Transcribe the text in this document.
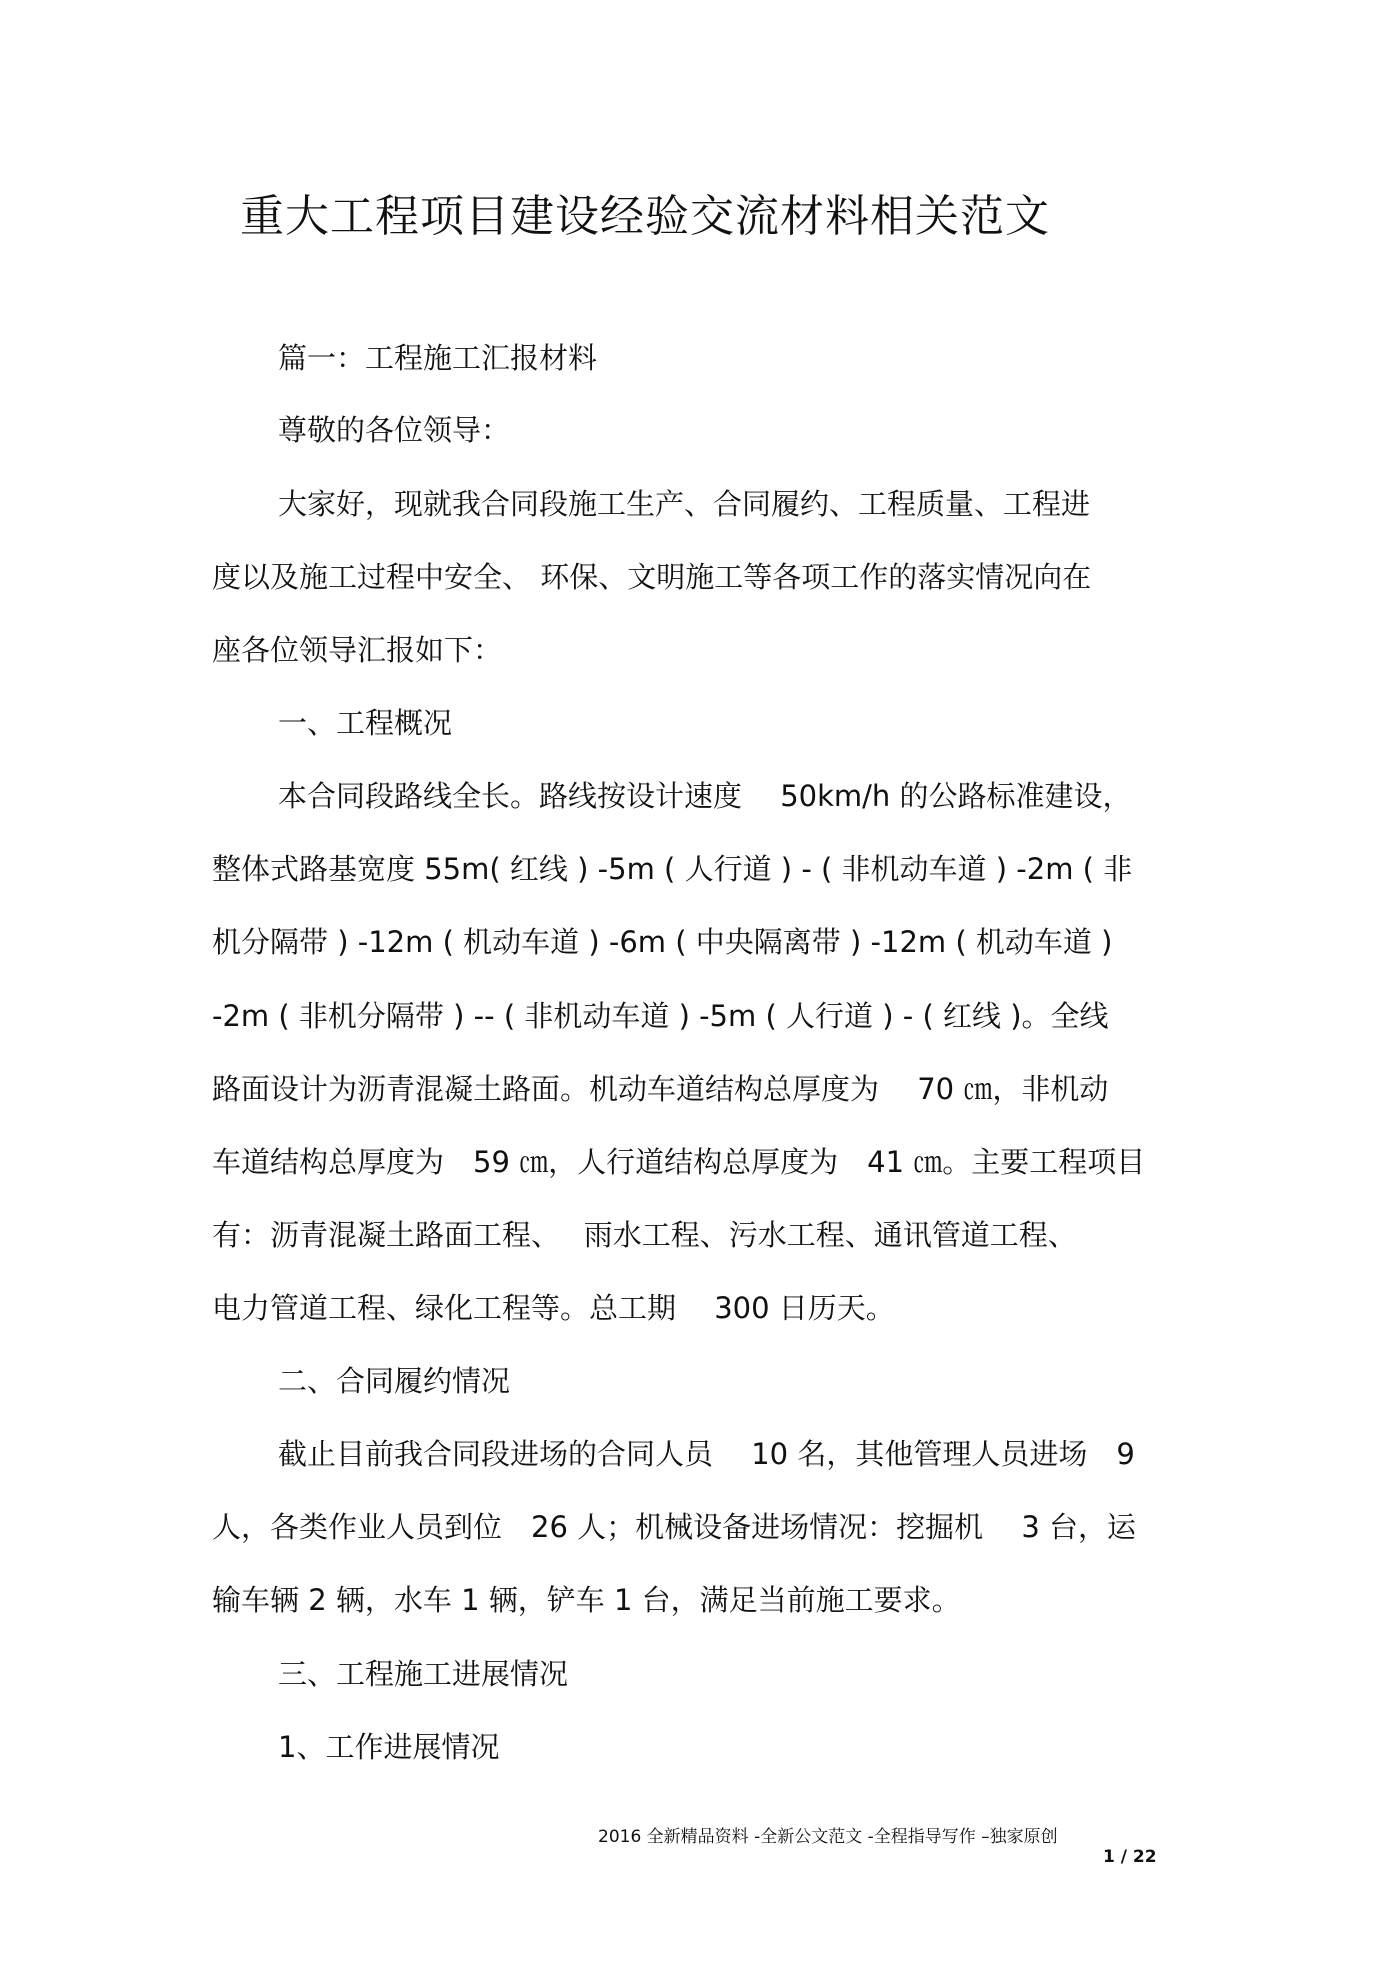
重大工程项目建设经验交流材料相关范文
篇一：工程施工汇报材料
尊敬的各位领导：
大家好，现就我合同段施工生产、合同履约、工程质量、工程进
度以及施工过程中安全、 环保、文明施工等各项工作的落实情况向在
座各位领导汇报如下：
一、工程概况
本合同段路线全长。路线按设计速度　 50km/h 的公路标准建设，
整体式路基宽度 55m( 红线 ) -5m ( 人行道 ) - ( 非机动车道 ) -2m ( 非
机分隔带 ) -12m ( 机动车道 ) -6m ( 中央隔离带 ) -12m ( 机动车道 )
-2m ( 非机分隔带 ) -- ( 非机动车道 ) -5m ( 人行道 ) - ( 红线 )。全线
路面设计为沥青混凝土路面。机动车道结构总厚度为　 70 ㎝，非机动
车道结构总厚度为　59 ㎝，人行道结构总厚度为　41 ㎝。主要工程项目
有：沥青混凝土路面工程、　 雨水工程、污水工程、通讯管道工程、
电力管道工程、绿化工程等。总工期　 300 日历天。
二、合同履约情况
截止目前我合同段进场的合同人员　 10 名，其他管理人员进场　9
人，各类作业人员到位　26 人；机械设备进场情况：挖掘机　 3 台，运
输车辆 2 辆，水车 1 辆，铲车 1 台，满足当前施工要求。
三、工程施工进展情况
1、工作进展情况
2016 全新精品资料 -全新公文范文 -全程指导写作 –独家原创
1 / 22
